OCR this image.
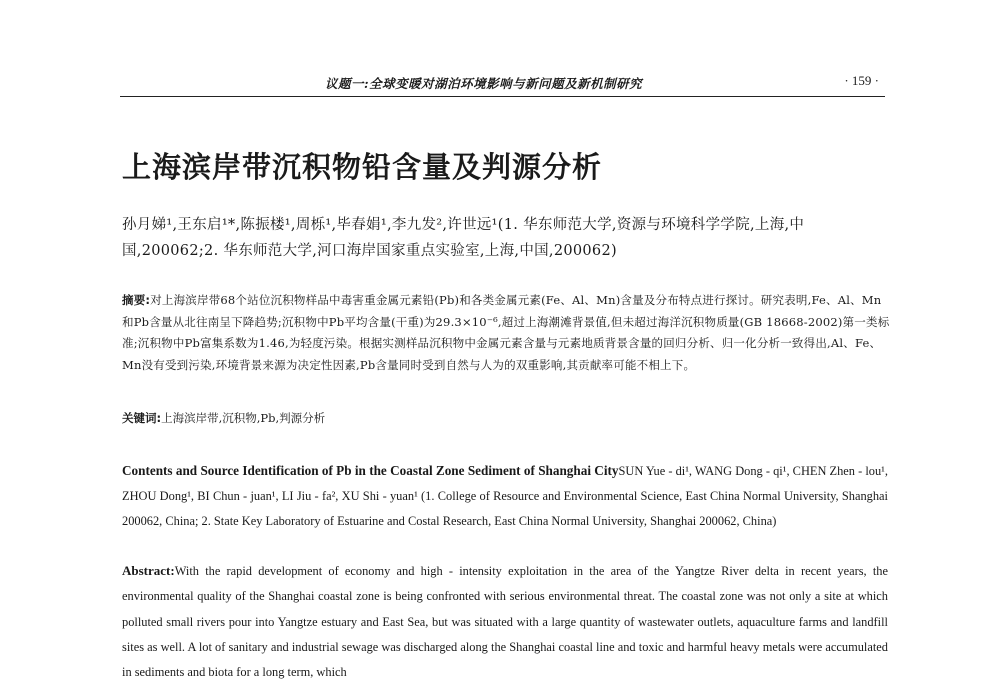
议题一:全球变暖对湖泊环境影响与新问题及新机制研究	· 159 ·
上海滨岸带沉积物铅含量及判源分析
孙月娣¹,王东启¹*,陈振楼¹,周栎¹,毕春娟¹,李九发²,许世远¹(1. 华东师范大学,资源与环境科学学院,上海,中国,200062;2. 华东师范大学,河口海岸国家重点实验室,上海,中国,200062)
摘要:对上海滨岸带68个站位沉积物样品中毒害重金属元素铅(Pb)和各类金属元素(Fe、Al、Mn)含量及分布特点进行探讨。研究表明,Fe、Al、Mn和Pb含量从北往南呈下降趋势;沉积物中Pb平均含量(干重)为29.3×10⁻⁶,超过上海潮滩背景值,但未超过海洋沉积物质量(GB 18668-2002)第一类标准;沉积物中Pb富集系数为1.46,为轻度污染。根据实测样品沉积物中金属元素含量与元素地质背景含量的回归分析、归一化分析一致得出,Al、Fe、Mn没有受到污染,环境背景来源为决定性因素,Pb含量同时受到自然与人为的双重影响,其贡献率可能不相上下。
关键词:上海滨岸带,沉积物,Pb,判源分析
Contents and Source Identification of Pb in the Coastal Zone Sediment of Shanghai CitySUN Yue - di¹, WANG Dong - qi¹, CHEN Zhen - lou¹, ZHOU Dong¹, BI Chun - juan¹, LI Jiu - fa², XU Shi - yuan¹ (1. College of Resource and Environmental Science, East China Normal University, Shanghai 200062, China; 2. State Key Laboratory of Estuarine and Costal Research, East China Normal University, Shanghai 200062, China)
Abstract:With the rapid development of economy and high - intensity exploitation in the area of the Yangtze River delta in recent years, the environmental quality of the Shanghai coastal zone is being confronted with serious environmental threat. The coastal zone was not only a site at which polluted small rivers pour into Yangtze estuary and East Sea, but was situated with a large quantity of wastewater outlets, aquaculture farms and landfill sites as well. A lot of sanitary and industrial sewage was discharged along the Shanghai coastal line and toxic and harmful heavy metals were accumulated in sediments and biota for a long term, which
